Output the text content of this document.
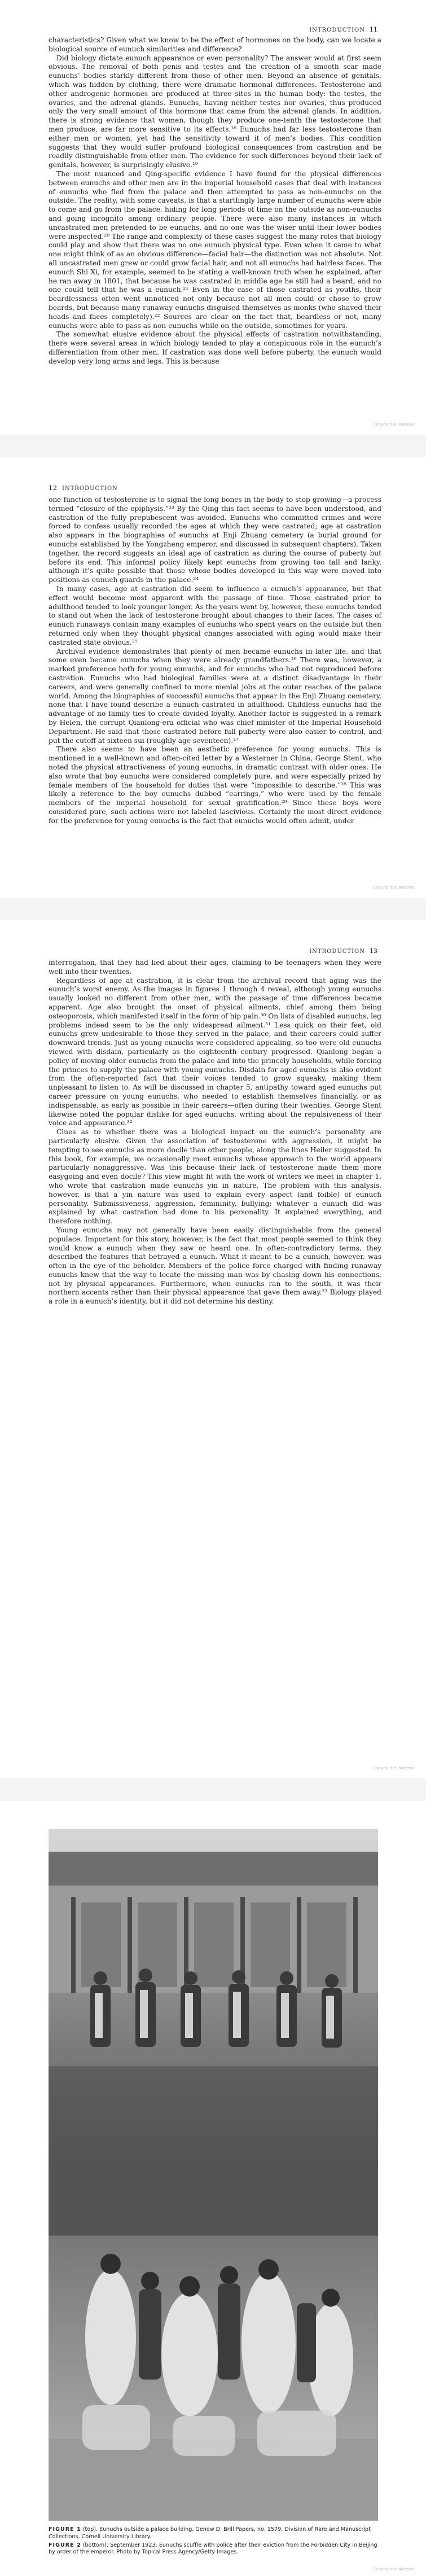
INTRODUCTION 11

characteristics? Given what we know to be the effect of hormones on the body, can we locate a biological source of eunuch similarities and difference?

Did biology dictate eunuch appearance or even personality? The answer would at first seem obvious. The removal of both penis and testes and the creation of a smooth scar made eunuchs’ bodies starkly different from those of other men. Beyond an absence of genitals, which was hidden by clothing, there were dramatic hormonal differences. Testosterone and other androgenic hormones are produced at three sites in the human body: the testes, the ovaries, and the adrenal glands. Eunuchs, having neither testes nor ovaries, thus produced only the very small amount of this hormone that came from the adrenal glands. In addition, there is strong evidence that women, though they produce one-tenth the testosterone that men produce, are far more sensitive to its effects.¹⁸ Eunuchs had far less testosterone than either men or women, yet had the sensitivity toward it of men’s bodies. This condition suggests that they would suffer profound biological consequences from castration and be readily distinguishable from other men. The evidence for such differences beyond their lack of genitals, however, is surprisingly elusive.¹⁹

The most nuanced and Qing-specific evidence I have found for the physical differences between eunuchs and other men are in the imperial household cases that deal with instances of eunuchs who fled from the palace and then attempted to pass as non-eunuchs on the outside. The reality, with some caveats, is that a startlingly large number of eunuchs were able to come and go from the palace, hiding for long periods of time on the outside as non-eunuchs and going incognito among ordinary people. There were also many instances in which uncastrated men pretended to be eunuchs, and no one was the wiser until their lower bodies were inspected.²⁰ The range and complexity of these cases suggest the many roles that biology could play and show that there was no one eunuch physical type. Even when it came to what one might think of as an obvious difference—facial hair—the distinction was not absolute. Not all uncastrated men grew or could grow facial hair, and not all eunuchs had hairless faces. The eunuch Shi Xi, for example, seemed to be stating a well-known truth when he explained, after he ran away in 1801, that because he was castrated in middle age he still had a beard, and no one could tell that he was a eunuch.²¹ Even in the case of those castrated as youths, their beardlessness often went unnoticed not only because not all men could or chose to grow beards, but because many runaway eunuchs disguised themselves as monks (who shaved their heads and faces completely).²² Sources are clear on the fact that, beardless or not, many eunuchs were able to pass as non-eunuchs while on the outside, sometimes for years.

The somewhat elusive evidence about the physical effects of castration notwithstanding, there were several areas in which biology tended to play a conspicuous role in the eunuch’s differentiation from other men. If castration was done well before puberty, the eunuch would develop very long arms and legs. This is because

Copyrighted Material
12 INTRODUCTION

one function of testosterone is to signal the long bones in the body to stop growing—a process termed “closure of the epiphysis.”²³ By the Qing this fact seems to have been understood, and castration of the fully prepubescent was avoided. Eunuchs who committed crimes and were forced to confess usually recorded the ages at which they were castrated; age at castration also appears in the biographies of eunuchs at Enji Zhuang cemetery (a burial ground for eunuchs established by the Yongzheng emperor, and discussed in subsequent chapters). Taken together, the record suggests an ideal age of castration as during the course of puberty but before its end. This informal policy likely kept eunuchs from growing too tall and lanky, although it’s quite possible that those whose bodies developed in this way were moved into positions as eunuch guards in the palace.²⁴

In many cases, age at castration did seem to influence a eunuch’s appearance, but that effect would become most apparent with the passage of time. Those castrated prior to adulthood tended to look younger longer. As the years went by, however, these eunuchs tended to stand out when the lack of testosterone brought about changes to their faces. The cases of eunuch runaways contain many examples of eunuchs who spent years on the outside but then returned only when they thought physical changes associated with aging would make their castrated state obvious.²⁵

Archival evidence demonstrates that plenty of men became eunuchs in later life, and that some even became eunuchs when they were already grandfathers.²⁶ There was, however, a marked preference both for young eunuchs, and for eunuchs who had not reproduced before castration. Eunuchs who had biological families were at a distinct disadvantage in their careers, and were generally confined to more menial jobs at the outer reaches of the palace world. Among the biographies of successful eunuchs that appear in the Enji Zhuang cemetery, none that I have found describe a eunuch castrated in adulthood. Childless eunuchs had the advantage of no family ties to create divided loyalty. Another factor is suggested in a remark by Helen, the corrupt Qianlong-era official who was chief minister of the Imperial Household Department. He said that those castrated before full puberty were also easier to control, and put the cutoff at sixteen sui (roughly age seventeen).²⁷

There also seems to have been an aesthetic preference for young eunuchs. This is mentioned in a well-known and often-cited letter by a Westerner in China, George Stent, who noted the physical attractiveness of young eunuchs, in dramatic contrast with older ones. He also wrote that boy eunuchs were considered completely pure, and were especially prized by female members of the household for duties that were “impossible to describe.”²⁸ This was likely a reference to the boy eunuchs dubbed “earrings,” who were used by the female members of the imperial household for sexual gratification.²⁹ Since these boys were considered pure, such actions were not labeled lascivious. Certainly the most direct evidence for the preference for young eunuchs is the fact that eunuchs would often admit, under

Copyrighted Material
INTRODUCTION 13

interrogation, that they had lied about their ages, claiming to be teenagers when they were well into their twenties.

Regardless of age at castration, it is clear from the archival record that aging was the eunuch’s worst enemy. As the images in figures 1 through 4 reveal, although young eunuchs usually looked no different from other men, with the passage of time differences became apparent. Age also brought the onset of physical ailments, chief among them being osteoporosis, which manifested itself in the form of hip pain.³⁰ On lists of disabled eunuchs, leg problems indeed seem to be the only widespread ailment.³¹ Less quick on their feet, old eunuchs grew undesirable to those they served in the palace, and their careers could suffer downward trends. Just as young eunuchs were considered appealing, so too were old eunuchs viewed with disdain, particularly as the eighteenth century progressed. Qianlong began a policy of moving older eunuchs from the palace and into the princely households, while forcing the princes to supply the palace with young eunuchs. Disdain for aged eunuchs is also evident from the often-reported fact that their voices tended to grow squeaky, making them unpleasant to listen to. As will be discussed in chapter 5, antipathy toward aged eunuchs put career pressure on young eunuchs, who needed to establish themselves financially, or as indispensable, as early as possible in their careers—often during their twenties. George Stent likewise noted the popular dislike for aged eunuchs, writing about the repulsiveness of their voice and appearance.³²

Clues as to whether there was a biological impact on the eunuch’s personality are particularly elusive. Given the association of testosterone with aggression, it might be tempting to see eunuchs as more docile than other people, along the lines Heiler suggested. In this book, for example, we occasionally meet eunuchs whose approach to the world appears particularly nonaggressive. Was this because their lack of testosterone made them more easygoing and even docile? This view might fit with the work of writers we meet in chapter 1, who wrote that castration made eunuchs yin in nature. The problem with this analysis, however, is that a yin nature was used to explain every aspect (and foible) of eunuch personality. Submissiveness, aggression, femininity, bullying: whatever a eunuch did was explained by what castration had done to his personality. It explained everything, and therefore nothing.

Young eunuchs may not generally have been easily distinguishable from the general populace. Important for this story, however, is the fact that most people seemed to think they would know a eunuch when they saw or heard one. In often-contradictory terms, they described the features that betrayed a eunuch. What it meant to be a eunuch, however, was often in the eye of the beholder. Members of the police force charged with finding runaway eunuchs knew that the way to locate the missing man was by chasing down his connections, not by physical appearances. Furthermore, when eunuchs ran to the south, it was their northern accents rather than their physical appearance that gave them away.³³ Biology played a role in a eunuch’s identity, but it did not determine his destiny.

Copyrighted Material

FIGURE 1 (top). Eunuchs outside a palace building. Genow D. Brill Papers, no. 1579, Division of Rare and Manuscript Collections, Cornell University Library.

FIGURE 2 (bottom). September 1923: Eunuchs scuffle with police after their eviction from the Forbidden City in Beijing by order of the emperor. Photo by Topical Press Agency/Getty Images.

Copyrighted Material
